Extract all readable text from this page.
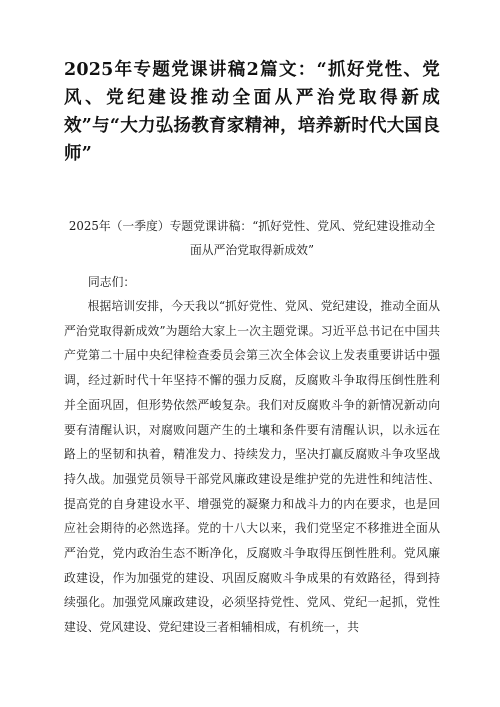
2025年专题党课讲稿2篇文：“抓好党性、党风、党纪建设推动全面从严治党取得新成效”与“大力弘扬教育家精神，培养新时代大国良师”

2025年（一季度）专题党课讲稿：“抓好党性、党风、党纪建设推动全面从严治党取得新成效”

同志们：

根据培训安排，今天我以“抓好党性、党风、党纪建设，推动全面从严治党取得新成效”为题给大家上一次主题党课。习近平总书记在中国共产党第二十届中央纪律检查委员会第三次全体会议上发表重要讲话中强调，经过新时代十年坚持不懈的强力反腐，反腐败斗争取得压倒性胜利并全面巩固，但形势依然严峻复杂。我们对反腐败斗争的新情况新动向要有清醒认识，对腐败问题产生的土壤和条件要有清醒认识，以永远在路上的坚韧和执着，精准发力、持续发力，坚决打赢反腐败斗争攻坚战持久战。加强党员领导干部党风廉政建设是维护党的先进性和纯洁性、提高党的自身建设水平、增强党的凝聚力和战斗力的内在要求，也是回应社会期待的必然选择。党的十八大以来，我们党坚定不移推进全面从严治党，党内政治生态不断净化，反腐败斗争取得压倒性胜利。党风廉政建设，作为加强党的建设、巩固反腐败斗争成果的有效路径，得到持续强化。加强党风廉政建设，必须坚持党性、党风、党纪一起抓，党性建设、党风建设、党纪建设三者相辅相成，有机统一，共
